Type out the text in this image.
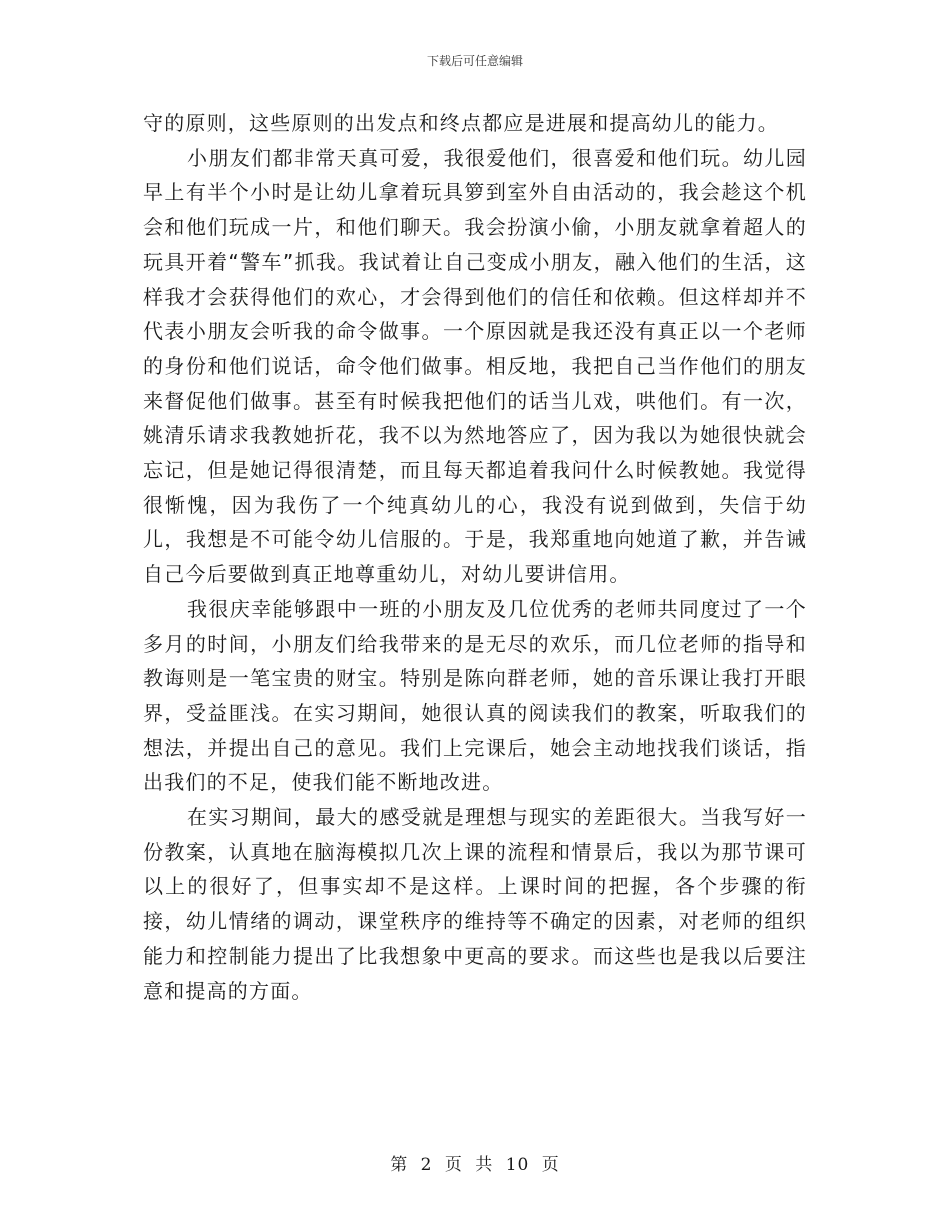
下载后可任意编辑

守的原则，这些原则的出发点和终点都应是进展和提高幼儿的能力。

小朋友们都非常天真可爱，我很爱他们，很喜爱和他们玩。幼儿园早上有半个小时是让幼儿拿着玩具箩到室外自由活动的，我会趁这个机会和他们玩成一片，和他们聊天。我会扮演小偷，小朋友就拿着超人的玩具开着“警车”抓我。我试着让自己变成小朋友，融入他们的生活，这样我才会获得他们的欢心，才会得到他们的信任和依赖。但这样却并不代表小朋友会听我的命令做事。一个原因就是我还没有真正以一个老师的身份和他们说话，命令他们做事。相反地，我把自己当作他们的朋友来督促他们做事。甚至有时候我把他们的话当儿戏，哄他们。有一次，姚清乐请求我教她折花，我不以为然地答应了，因为我以为她很快就会忘记，但是她记得很清楚，而且每天都追着我问什么时候教她。我觉得很惭愧，因为我伤了一个纯真幼儿的心，我没有说到做到，失信于幼儿，我想是不可能令幼儿信服的。于是，我郑重地向她道了歉，并告诫自己今后要做到真正地尊重幼儿，对幼儿要讲信用。

我很庆幸能够跟中一班的小朋友及几位优秀的老师共同度过了一个多月的时间，小朋友们给我带来的是无尽的欢乐，而几位老师的指导和教诲则是一笔宝贵的财宝。特别是陈向群老师，她的音乐课让我打开眼界，受益匪浅。在实习期间，她很认真的阅读我们的教案，听取我们的想法，并提出自己的意见。我们上完课后，她会主动地找我们谈话，指出我们的不足，使我们能不断地改进。

在实习期间，最大的感受就是理想与现实的差距很大。当我写好一份教案，认真地在脑海模拟几次上课的流程和情景后，我以为那节课可以上的很好了，但事实却不是这样。上课时间的把握，各个步骤的衔接，幼儿情绪的调动，课堂秩序的维持等不确定的因素，对老师的组织能力和控制能力提出了比我想象中更高的要求。而这些也是我以后要注意和提高的方面。

第 2 页 共 10 页
